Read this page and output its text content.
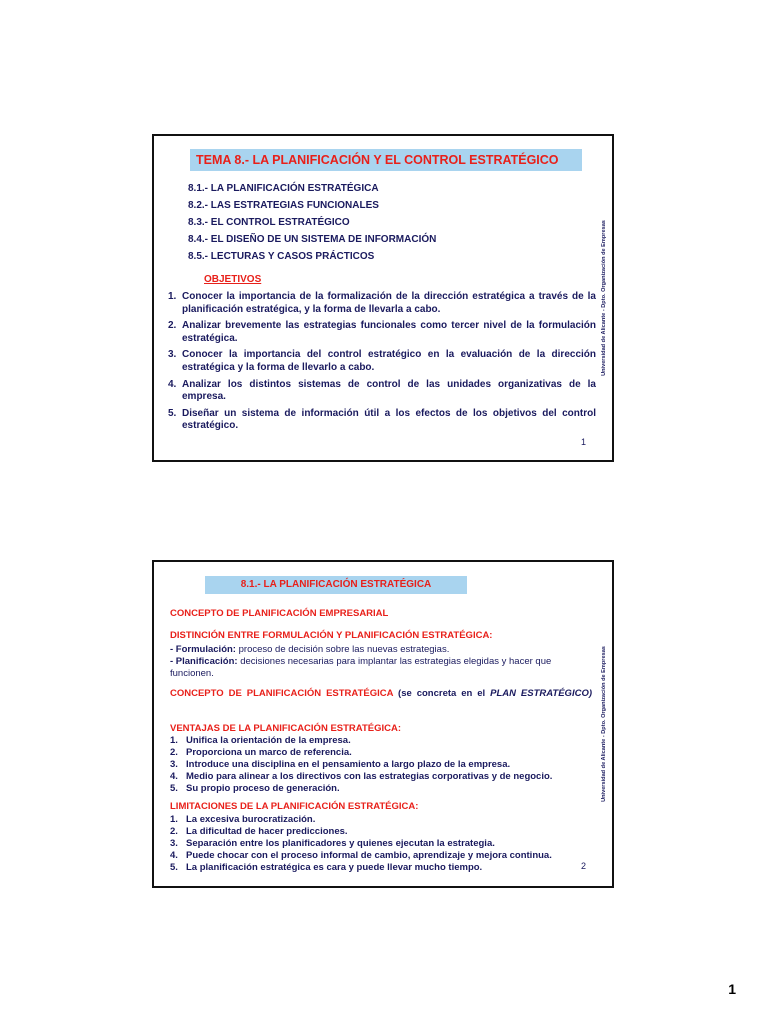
TEMA 8.- LA PLANIFICACIÓN Y EL CONTROL ESTRATÉGICO
8.1.- LA PLANIFICACIÓN ESTRATÉGICA
8.2.- LAS ESTRATEGIAS FUNCIONALES
8.3.- EL CONTROL ESTRATÉGICO
8.4.- EL DISEÑO DE UN SISTEMA DE INFORMACIÓN
8.5.- LECTURAS Y CASOS PRÁCTICOS
OBJETIVOS
1. Conocer la importancia de la formalización de la dirección estratégica a través de la planificación estratégica, y la forma de llevarla a cabo.
2. Analizar brevemente las estrategias funcionales como tercer nivel de la formulación estratégica.
3. Conocer la importancia del control estratégico en la evaluación de la dirección estratégica y la forma de llevarlo a cabo.
4. Analizar los distintos sistemas de control de las unidades organizativas de la empresa.
5. Diseñar un sistema de información útil a los efectos de los objetivos del control estratégico.
1
Universidad de Alicante - Dpto. Organización de Empresas
8.1.- LA PLANIFICACIÓN ESTRATÉGICA
CONCEPTO DE PLANIFICACIÓN EMPRESARIAL
DISTINCIÓN ENTRE FORMULACIÓN Y PLANIFICACIÓN ESTRATÉGICA:
- Formulación: proceso de decisión sobre las nuevas estrategias.
- Planificación: decisiones necesarias para implantar las estrategias elegidas y hacer que funcionen.
CONCEPTO DE PLANIFICACIÓN ESTRATÉGICA (se concreta en el PLAN ESTRATÉGICO)
VENTAJAS DE LA PLANIFICACIÓN ESTRATÉGICA:
1. Unifica la orientación de la empresa.
2. Proporciona un marco de referencia.
3. Introduce una disciplina en el pensamiento a largo plazo de la empresa.
4. Medio para alinear a los directivos con las estrategias corporativas y de negocio.
5. Su propio proceso de generación.
LIMITACIONES DE LA PLANIFICACIÓN ESTRATÉGICA:
1. La excesiva burocratización.
2. La dificultad de hacer predicciones.
3. Separación entre los planificadores y quienes ejecutan la estrategia.
4. Puede chocar con el proceso informal de cambio, aprendizaje y mejora continua.
5. La planificación estratégica es cara y puede llevar mucho tiempo.	2
Universidad de Alicante - Dpto. Organización de Empresas
1
